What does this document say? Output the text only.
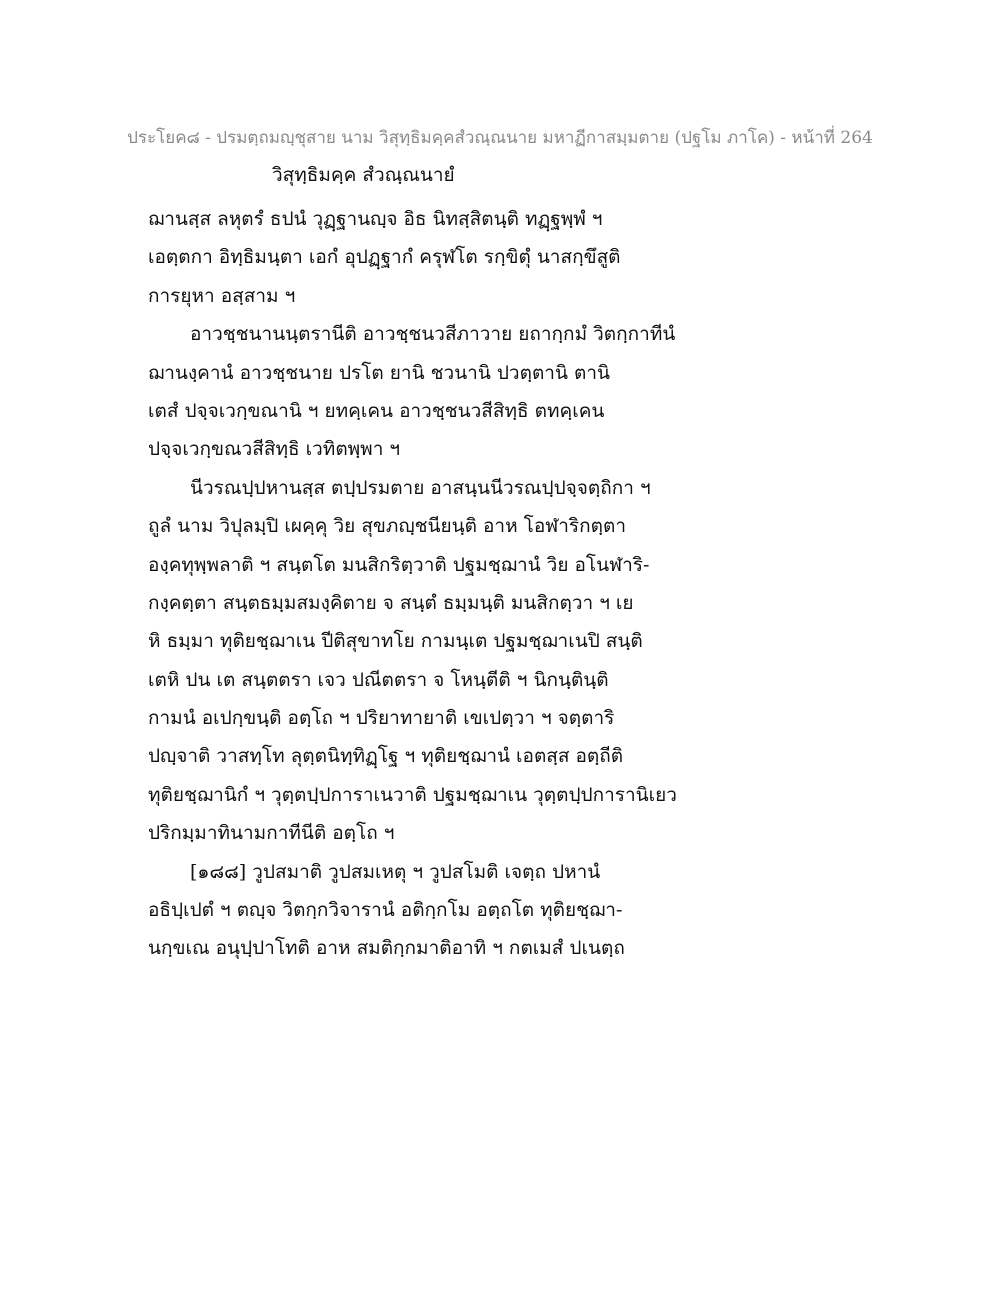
ประโยค๘ - ปรมตฺถมญฺชุสาย นาม วิสุทฺธิมคฺคสํวณฺณนาย มหาฏีกาสมฺมตาย (ปฐโม ภาโค) - หน้าที่ 264
วิสุทฺธิมคฺค สํวณฺณนายํ
ฌานสฺส ลหุตรํ ธปนํ วุฏฺฐานญฺจ อิธ นิทสฺสิตนฺติ ทฏฺฐพฺพํ ฯ
เอตฺตกา อิทฺธิมนฺตา เอกํ อุปฏฺฐากํ ครุฬโต รกฺขิตุํ นาสกฺขึสูติ
การยุหา อสฺสาม ฯ
อาวชฺชนานนฺตรานีติ อาวชฺชนวสีภาวาย ยถากฺกมํ วิตกฺกาทีนํ
ฌานงฺคานํ อาวชฺชนาย ปรโต ยานิ ชวนานิ ปวตฺตานิ ตานิ
เตสํ ปจฺจเวกฺขณานิ ฯ ยทคฺเคน อาวชฺชนวสีสิทฺธิ ตทคฺเคน
ปจฺจเวกฺขณวสีสิทฺธิ เวทิตพฺพา ฯ
นีวรณปฺปหานสฺส ตปฺปรมตาย อาสนฺนนีวรณปฺปจฺจตฺถิกา ฯ
ถูลํ นาม วิปุลมฺปิ เผคฺคุ วิย สุขภญฺชนียนฺติ อาห โอฬาริกตฺตา
องฺคทุพฺพลาติ ฯ สนฺตโต มนสิกริตฺวาติ ปฐมชฺฌานํ วิย อโนฬาริ-
กงฺคตฺตา สนฺตธมฺมสมงฺคิตาย จ สนฺตํ ธมฺมนฺติ มนสิกตฺวา ฯ เย
หิ ธมฺมา ทุติยชฺฌาเน ปีติสุขาทโย กามนฺเต ปฐมชฺฌาเนปิ สนฺติ
เตหิ ปน เต สนฺตตรา เจว ปณีตตรา จ โหนฺตีติ ฯ นิกนฺตินฺติ
กามนํ อเปกฺขนฺติ อตฺโถ ฯ ปริยาทายาติ เขเปตฺวา ฯ จตฺตาริ
ปญฺจาติ วาสทฺโท ลุตฺตนิทฺทิฏฺโฐ ฯ ทุติยชฺฌานํ เอตสฺส อตฺถีติ
ทุติยชฺฌานิกํ ฯ วุตฺตปฺปการาเนวาติ ปฐมชฺฌาเน วุตฺตปฺปการานิเยว
ปริกมฺมาทินามกาทีนีติ อตฺโถ ฯ
[๑๘๘] วูปสมาติ วูปสมเหตุ ฯ วูปสโมติ เจตฺถ ปหานํ
อธิปฺเปตํ ฯ ตญฺจ วิตกฺกวิจารานํ อติกฺกโม อตฺถโต ทุติยชฺฌา-
นกฺขเณ อนุปฺปาโทติ อาห สมติกฺกมาติอาทิ ฯ กตเมสํ ปเนตฺถ
